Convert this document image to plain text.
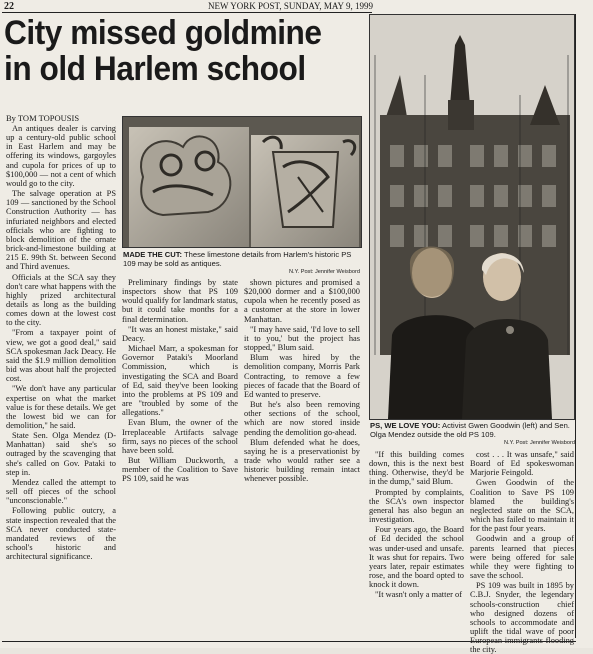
22	NEW YORK POST, SUNDAY, MAY 9, 1999
City missed goldmine
in old Harlem school
By TOM TOPOUSIS

An antiques dealer is carving up a century-old public school in East Harlem and may be offering its windows, gargoyles and cupola for prices of up to $100,000 — not a cent of which would go to the city.

The salvage operation at PS 109 — sanctioned by the School Construction Authority — has infuriated neighbors and elected officials who are fighting to block demolition of the ornate brick-and-limestone building at 215 E. 99th St. between Second and Third avenues.

Officials at the SCA say they don't care what happens with the highly prized architectural details as long as the building comes down at the lowest cost to the city.

"From a taxpayer point of view, we got a good deal," said SCA spokesman Jack Deacy. He said the $1.9 million demolition bid was about half the projected cost.

"We don't have any particular expertise on what the market value is for these details. We get the lowest bid we can for demolition," he said.

State Sen. Olga Mendez (D-Manhattan) said she's so outraged by the scavenging that she's called on Gov. Pataki to step in.

Mendez called the attempt to sell off pieces of the school "unconscionable."

Following public outcry, a state inspection revealed that the SCA never conducted state-mandated reviews of the school's historic and architectural significance.

MADE THE CUT: These limestone details from Harlem's historic PS 109 may be sold as antiques.
N.Y. Post: Jennifer Weisbord

Preliminary findings by state inspectors show that PS 109 would qualify for landmark status, but it could take months for a final determination.

"It was an honest mistake," said Deacy.

Michael Marr, a spokesman for Governor Pataki's Moorland Commission, which is investigating the SCA and Board of Ed, said they've been looking into the problems at PS 109 and are "troubled by some of the allegations."

Evan Blum, the owner of the Irreplaceable Artifacts salvage firm, says no pieces of the school have been sold.

But William Duckworth, a member of the Coalition to Save PS 109, said he was

shown pictures and promised a $20,000 dormer and a $100,000 cupola when he recently posed as a customer at the store in lower Manhattan.

"I may have said, 'I'd love to sell it to you,' but the project has stopped," Blum said.

Blum was hired by the demolition company, Morris Park Contracting, to remove a few pieces of facade that the Board of Ed wanted to preserve.

But he's also been removing other sections of the school, which are now stored inside pending the demolition go-ahead.

Blum defended what he does, saying he is a preservationist by trade who would rather see a historic building remain intact whenever possible.

PS, WE LOVE YOU: Activist Gwen Goodwin (left) and Sen. Olga Mendez outside the old PS 109.
N.Y. Post: Jennifer Weisbord

"If this building comes down, this is the next best thing. Otherwise, they'd be in the dump," said Blum.

Prompted by complaints, the SCA's own inspector general has also begun an investigation.

Four years ago, the Board of Ed decided the school was under-used and unsafe. It was shut for repairs. Two years later, repair estimates rose, and the board opted to knock it down.

"It wasn't only a matter of

cost . . . It was unsafe," said Board of Ed spokeswoman Marjorie Feingold.

Gwen Goodwin of the Coalition to Save PS 109 blamed the building's neglected state on the SCA, which has failed to maintain it for the past four years.

Goodwin and a group of parents learned that pieces were being offered for sale while they were fighting to save the school.

PS 109 was built in 1895 by C.B.J. Snyder, the legendary schools-construction chief who designed dozens of schools to accommodate and uplift the tidal wave of poor the city.
